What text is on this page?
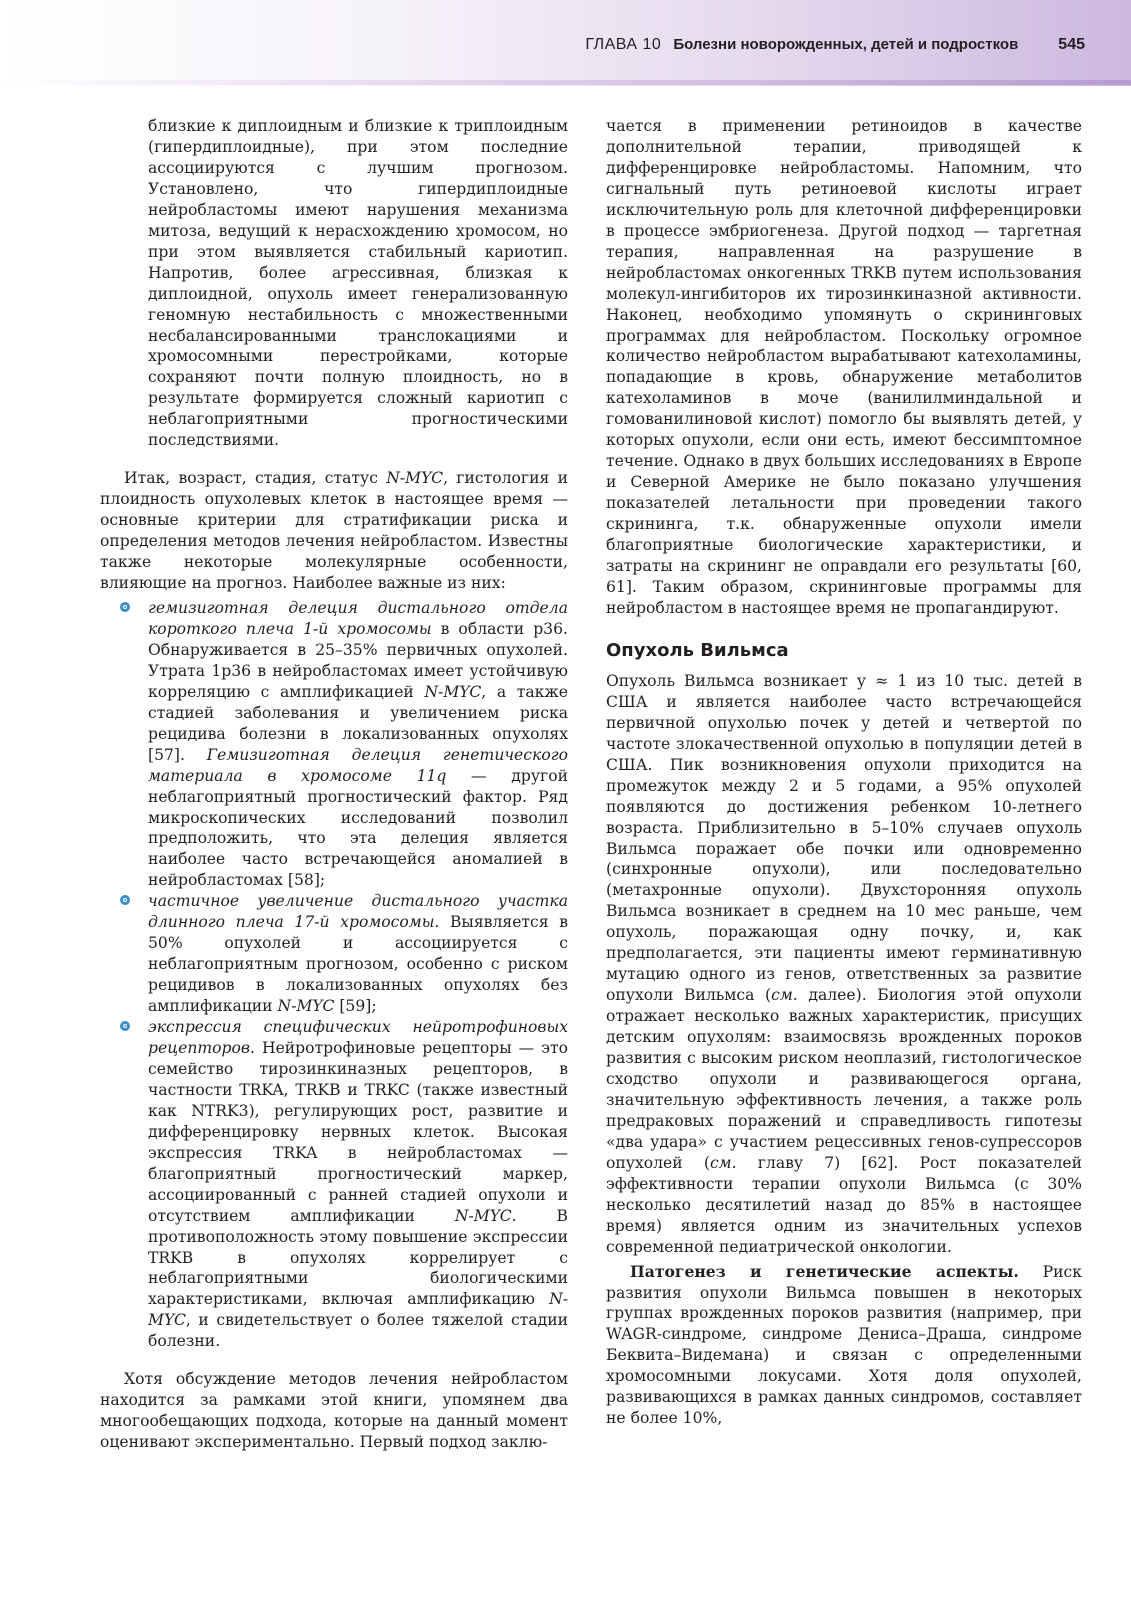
ГЛАВА 10 Болезни новорожденных, детей и подростков	545

близкие к диплоидным и близкие к триплоидным (гипердиплоидные), при этом последние ассоциируются с лучшим прогнозом. Установлено, что гипердиплоидные нейробластомы имеют нарушения механизма митоза, ведущий к нерасхождению хромосом, но при этом выявляется стабильный кариотип. Напротив, более агрессивная, близкая к диплоидной, опухоль имеет генерализованную геномную нестабильность с множественными несбалансированными транслокациями и хромосомными перестройками, которые сохраняют почти полную плоидность, но в результате формируется сложный кариотип с неблагоприятными прогностическими последствиями.

Итак, возраст, стадия, статус N-MYC, гистология и плоидность опухолевых клеток в настоящее время — основные критерии для стратификации риска и определения методов лечения нейробластом. Известны также некоторые молекулярные особенности, влияющие на прогноз. Наиболее важные из них:

гемизиготная делеция дистального отдела короткого плеча 1-й хромосомы в области p36. Обнаруживается в 25–35% первичных опухолей. Утрата 1p36 в нейробластомах имеет устойчивую корреляцию с амплификацией N-MYC, а также стадией заболевания и увеличением риска рецидива болезни в локализованных опухолях [57]. Гемизиготная делеция генетического материала в хромосоме 11q — другой неблагоприятный прогностический фактор. Ряд микроскопических исследований позволил предположить, что эта делеция является наиболее часто встречающейся аномалией в нейробластомах [58];
частичное увеличение дистального участка длинного плеча 17-й хромосомы. Выявляется в 50% опухолей и ассоциируется с неблагоприятным прогнозом, особенно с риском рецидивов в локализованных опухолях без амплификации N-MYC [59];
экспрессия специфических нейротрофиновых рецепторов. Нейротрофиновые рецепторы — это семейство тирозинкиназных рецепторов, в частности TRKA, TRKB и TRKC (также известный как NTRK3), регулирующих рост, развитие и дифференцировку нервных клеток. Высокая экспрессия TRKA в нейробластомах — благоприятный прогностический маркер, ассоциированный с ранней стадией опухоли и отсутствием амплификации N-MYC. В противоположность этому повышение экспрессии TRKB в опухолях коррелирует с неблагоприятными биологическими характеристиками, включая амплификацию N-MYC, и свидетельствует о более тяжелой стадии болезни.

Хотя обсуждение методов лечения нейробластом находится за рамками этой книги, упомянем два многообещающих подхода, которые на данный момент оценивают экспериментально. Первый подход заклю-

чается в применении ретиноидов в качестве дополнительной терапии, приводящей к дифференцировке нейробластомы. Напомним, что сигнальный путь ретиноевой кислоты играет исключительную роль для клеточной дифференцировки в процессе эмбриогенеза. Другой подход — таргетная терапия, направленная на разрушение в нейробластомах онкогенных TRKB путем использования молекул-ингибиторов их тирозинкиназной активности. Наконец, необходимо упомянуть о скрининговых программах для нейробластом. Поскольку огромное количество нейробластом вырабатывают катехоламины, попадающие в кровь, обнаружение метаболитов катехоламинов в моче (ванилилминдальной и гомованилиновой кислот) помогло бы выявлять детей, у которых опухоли, если они есть, имеют бессимптомное течение. Однако в двух больших исследованиях в Европе и Северной Америке не было показано улучшения показателей летальности при проведении такого скрининга, т.к. обнаруженные опухоли имели благоприятные биологические характеристики, и затраты на скрининг не оправдали его результаты [60, 61]. Таким образом, скрининговые программы для нейробластом в настоящее время не пропагандируют.

Опухоль Вильмса

Опухоль Вильмса возникает у ≈ 1 из 10 тыс. детей в США и является наиболее часто встречающейся первичной опухолью почек у детей и четвертой по частоте злокачественной опухолью в популяции детей в США. Пик возникновения опухоли приходится на промежуток между 2 и 5 годами, а 95% опухолей появляются до достижения ребенком 10-летнего возраста. Приблизительно в 5–10% случаев опухоль Вильмса поражает обе почки или одновременно (синхронные опухоли), или последовательно (метахронные опухоли). Двухсторонняя опухоль Вильмса возникает в среднем на 10 мес раньше, чем опухоль, поражающая одну почку, и, как предполагается, эти пациенты имеют герминативную мутацию одного из генов, ответственных за развитие опухоли Вильмса (см. далее). Биология этой опухоли отражает несколько важных характеристик, присущих детским опухолям: взаимосвязь врожденных пороков развития с высоким риском неоплазий, гистологическое сходство опухоли и развивающегося органа, значительную эффективность лечения, а также роль предраковых поражений и справедливость гипотезы «два удара» с участием рецессивных генов-супрессоров опухолей (см. главу 7) [62]. Рост показателей эффективности терапии опухоли Вильмса (с 30% несколько десятилетий назад до 85% в настоящее время) является одним из значительных успехов современной педиатрической онкологии.

Патогенез и генетические аспекты. Риск развития опухоли Вильмса повышен в некоторых группах врожденных пороков развития (например, при WAGR-синдроме, синдроме Дениса–Драша, синдроме Беквита–Видемана) и связан с определенными хромосомными локусами. Хотя доля опухолей, развивающихся в рамках данных синдромов, составляет не более 10%,
